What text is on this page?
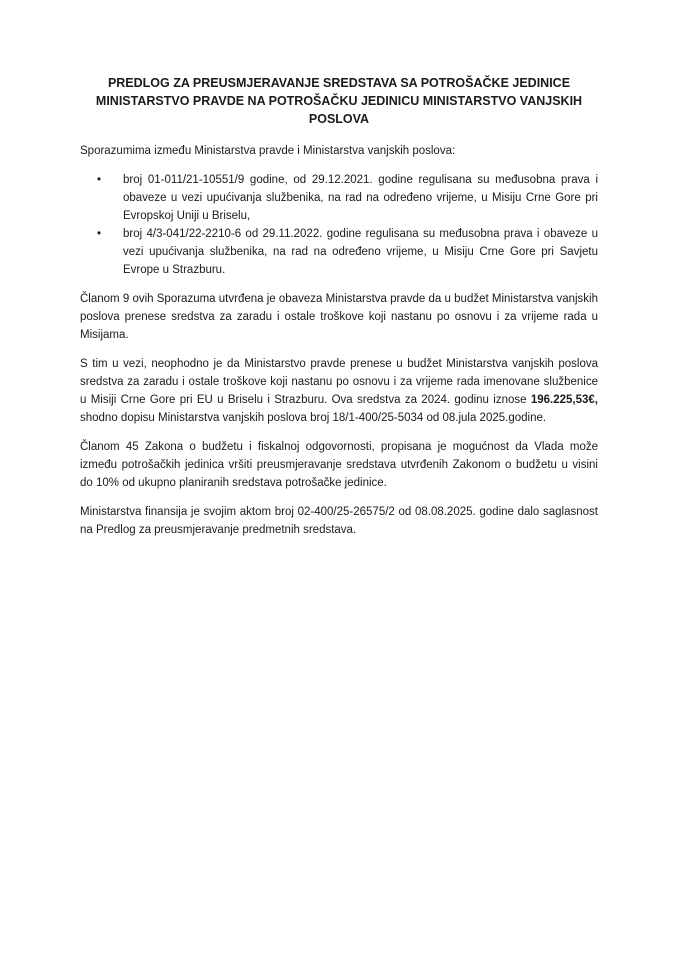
PREDLOG ZA PREUSMJERAVANJE SREDSTAVA SA POTROŠAČKE JEDINICE MINISTARSTVO PRAVDE NA POTROŠAČKU JEDINICU MINISTARSTVO VANJSKIH POSLOVA

Sporazumima između Ministarstva pravde i Ministarstva vanjskih poslova:

• broj 01-011/21-10551/9 godine, od 29.12.2021. godine regulisana su međusobna prava i obaveze u vezi upućivanja službenika, na rad na određeno vrijeme, u Misiju Crne Gore pri Evropskoj Uniji u Briselu,
• broj 4/3-041/22-2210-6 od 29.11.2022. godine regulisana su međusobna prava i obaveze u vezi upućivanja službenika, na rad na određeno vrijeme, u Misiju Crne Gore pri Savjetu Evrope u Strazburu.

Članom 9 ovih Sporazuma utvrđena je obaveza Ministarstva pravde da u budžet Ministarstva vanjskih poslova prenese sredstva za zaradu i ostale troškove koji nastanu po osnovu i za vrijeme rada u Misijama.

S tim u vezi, neophodno je da Ministarstvo pravde prenese u budžet Ministarstva vanjskih poslova sredstva za zaradu i ostale troškove koji nastanu po osnovu i za vrijeme rada imenovane službenice u Misiji Crne Gore pri EU u Briselu i Strazburu. Ova sredstva za 2024. godinu iznose 196.225,53€, shodno dopisu Ministarstva vanjskih poslova broj 18/1-400/25-5034 od 08.jula 2025.godine.

Članom 45 Zakona o budžetu i fiskalnoj odgovornosti, propisana je mogućnost da Vlada može između potrošačkih jedinica vršiti preusmjeravanje sredstava utvrđenih Zakonom o budžetu u visini do 10% od ukupno planiranih sredstava potrošačke jedinice.

Ministarstva finansija je svojim aktom broj 02-400/25-26575/2 od 08.08.2025. godine dalo saglasnost na Predlog za preusmjeravanje predmetnih sredstava.
